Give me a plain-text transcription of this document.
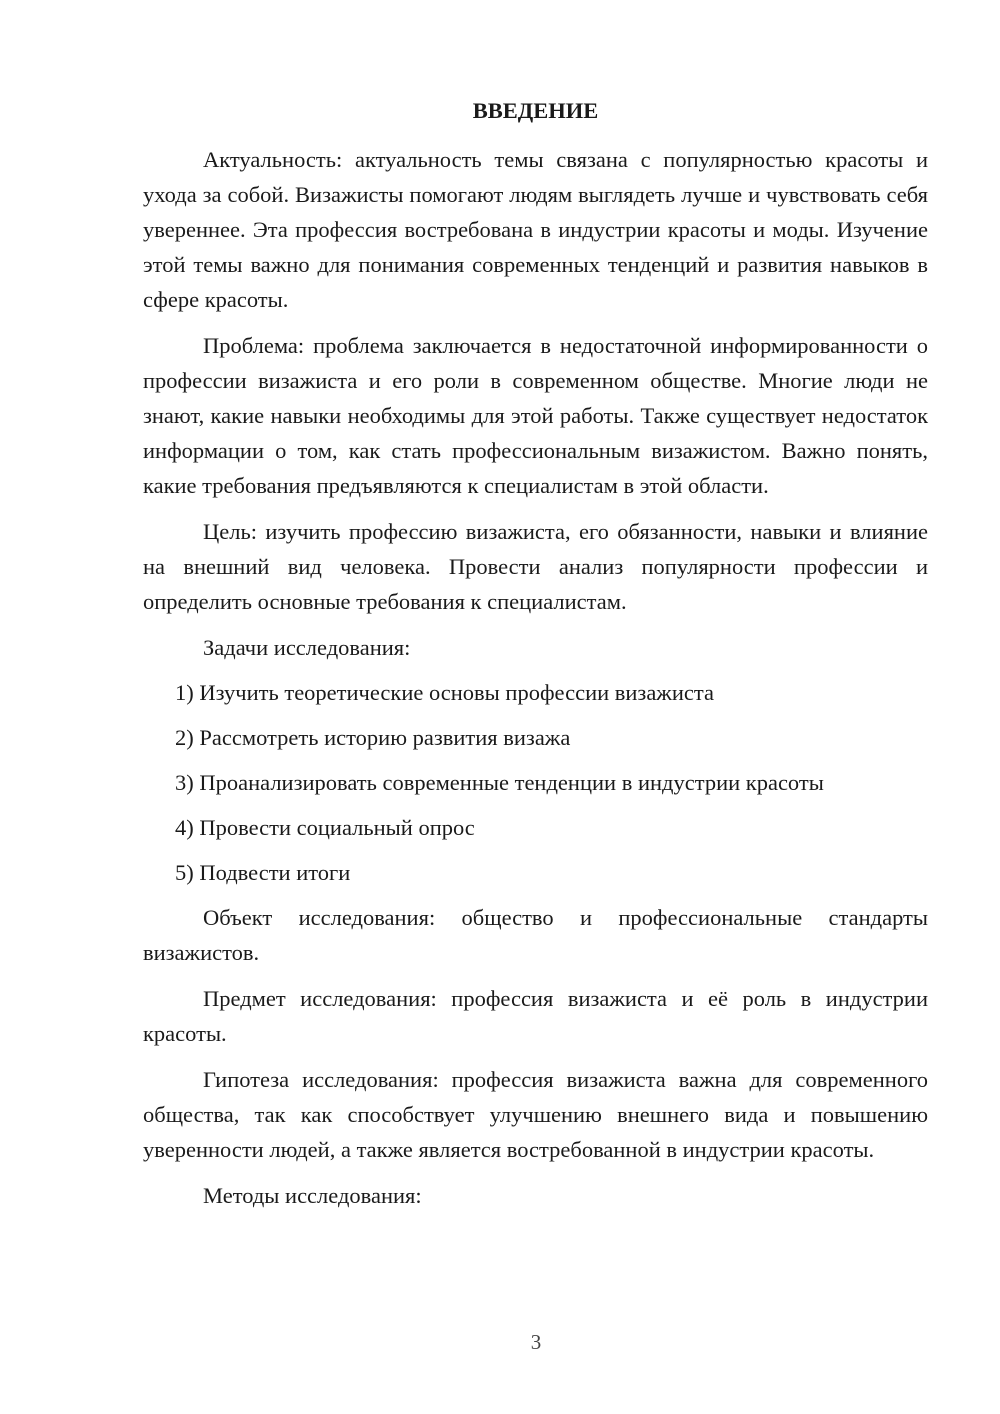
ВВЕДЕНИЕ

Актуальность: актуальность темы связана с популярностью красоты и ухода за собой. Визажисты помогают людям выглядеть лучше и чувствовать себя увереннее. Эта профессия востребована в индустрии красоты и моды. Изучение этой темы важно для понимания современных тенденций и развития навыков в сфере красоты.

Проблема: проблема заключается в недостаточной информированности о профессии визажиста и его роли в современном обществе. Многие люди не знают, какие навыки необходимы для этой работы. Также существует недостаток информации о том, как стать профессиональным визажистом. Важно понять, какие требования предъявляются к специалистам в этой области.

Цель: изучить профессию визажиста, его обязанности, навыки и влияние на внешний вид человека. Провести анализ популярности профессии и определить основные требования к специалистам.

Задачи исследования:

1) Изучить теоретические основы профессии визажиста
2) Рассмотреть историю развития визажа
3) Проанализировать современные тенденции в индустрии красоты
4) Провести социальный опрос
5) Подвести итоги

Объект исследования: общество и профессиональные стандарты визажистов.

Предмет исследования: профессия визажиста и её роль в индустрии красоты.

Гипотеза исследования: профессия визажиста важна для современного общества, так как способствует улучшению внешнего вида и повышению уверенности людей, а также является востребованной в индустрии красоты.

Методы исследования:

3
